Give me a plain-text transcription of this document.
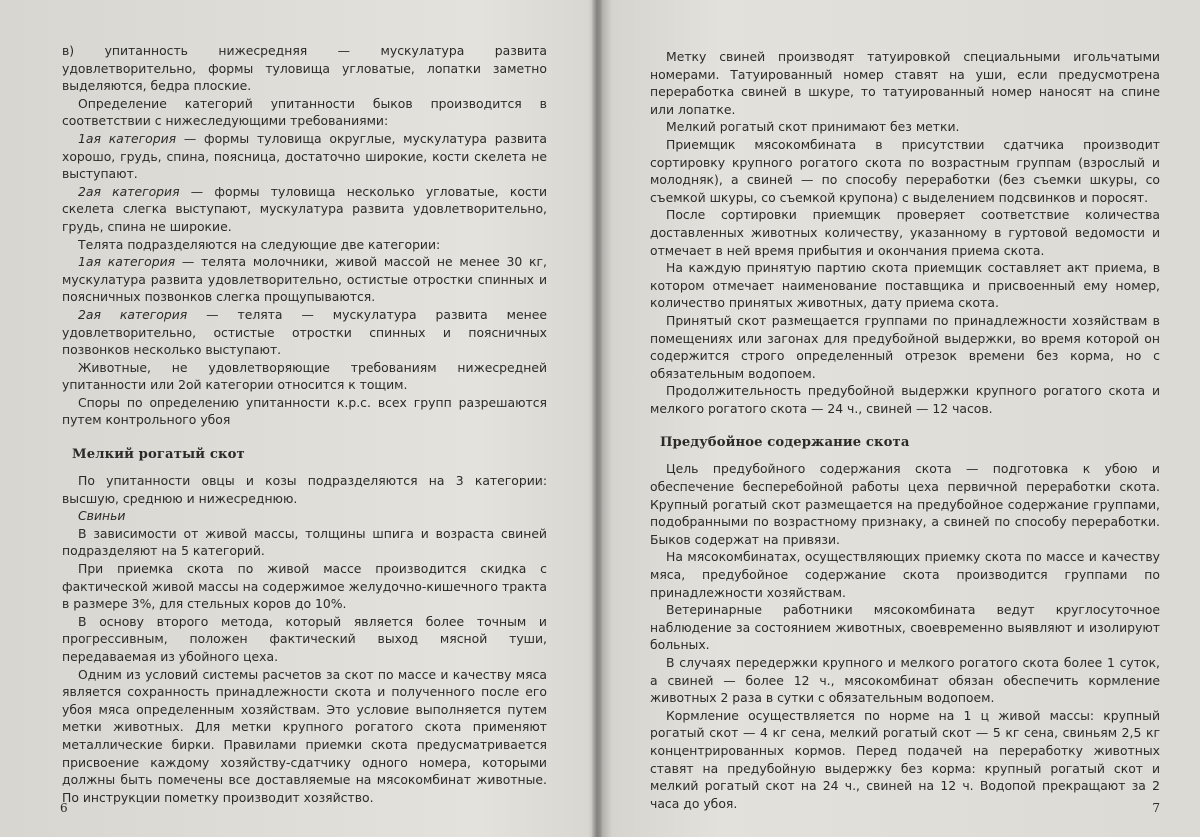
в) упитанность нижесредняя — мускулатура развита удовлетворительно, формы туловища угловатые, лопатки заметно выделяются, бедра плоские.

Определение категорий упитанности быков производится в соответствии с нижеследующими требованиями:

1ая категория — формы туловища округлые, мускулатура развита хорошо, грудь, спина, поясница, достаточно широкие, кости скелета не выступают.

2ая категория — формы туловища несколько угловатые, кости скелета слегка выступают, мускулатура развита удовлетворительно, грудь, спина не широкие.

Телята подразделяются на следующие две категории:

1ая категория — телята молочники, живой массой не менее 30 кг, мускулатура развита удовлетворительно, остистые отростки спинных и поясничных позвонков слегка прощупываются.

2ая категория — телята — мускулатура развита менее удовлетворительно, остистые отростки спинных и поясничных позвонков несколько выступают.

Животные, не удовлетворяющие требованиям нижесредней упитанности или 2ой категории относится к тощим.

Споры по определению упитанности к.р.с. всех групп разрешаются путем контрольного убоя

Мелкий рогатый скот

По упитанности овцы и козы подразделяются на 3 категории: высшую, среднюю и нижесреднюю.

Свиньи

В зависимости от живой массы, толщины шпига и возраста свиней подразделяют на 5 категорий.

При приемка скота по живой массе производится скидка с фактической живой массы на содержимое желудочно-кишечного тракта в размере 3%, для стельных коров до 10%.

В основу второго метода, который является более точным и прогрессивным, положен фактический выход мясной туши, передаваемая из убойного цеха.

Одним из условий системы расчетов за скот по массе и качеству мяса является сохранность принадлежности скота и полученного после его убоя мяса определенным хозяйствам. Это условие выполняется путем метки животных. Для метки крупного рогатого скота применяют металлические бирки. Правилами приемки скота предусматривается присвоение каждому хозяйству-сдатчику одного номера, которыми должны быть помечены все доставляемые на мясокомбинат животные. По инструкции пометку производит хозяйство.

6

Метку свиней производят татуировкой специальными игольчатыми номерами. Татуированный номер ставят на уши, если предусмотрена переработка свиней в шкуре, то татуированный номер наносят на спине или лопатке.

Мелкий рогатый скот принимают без метки.

Приемщик мясокомбината в присутствии сдатчика производит сортировку крупного рогатого скота по возрастным группам (взрослый и молодняк), а свиней — по способу переработки (без съемки шкуры, со съемкой шкуры, со съемкой крупона) с выделением подсвинков и поросят.

После сортировки приемщик проверяет соответствие количества доставленных животных количеству, указанному в гуртовой ведомости и отмечает в ней время прибытия и окончания приема скота.

На каждую принятую партию скота приемщик составляет акт приема, в котором отмечает наименование поставщика и присвоенный ему номер, количество принятых животных, дату приема скота.

Принятый скот размещается группами по принадлежности хозяйствам в помещениях или загонах для предубойной выдержки, во время которой он содержится строго определенный отрезок времени без корма, но с обязательным водопоем.

Продолжительность предубойной выдержки крупного рогатого скота и мелкого рогатого скота — 24 ч., свиней — 12 часов.

Предубойное содержание скота

Цель предубойного содержания скота — подготовка к убою и обеспечение бесперебойной работы цеха первичной переработки скота. Крупный рогатый скот размещается на предубойное содержание группами, подобранными по возрастному признаку, а свиней по способу переработки. Быков содержат на привязи.

На мясокомбинатах, осуществляющих приемку скота по массе и качеству мяса, предубойное содержание скота производится группами по принадлежности хозяйствам.

Ветеринарные работники мясокомбината ведут круглосуточное наблюдение за состоянием животных, своевременно выявляют и изолируют больных.

В случаях передержки крупного и мелкого рогатого скота более 1 суток, а свиней — более 12 ч., мясокомбинат обязан обеспечить кормление животных 2 раза в сутки с обязательным водопоем.

Кормление осуществляется по норме на 1 ц живой массы: крупный рогатый скот — 4 кг сена, мелкий рогатый скот — 5 кг сена, свиньям 2,5 кг концентрированных кормов. Перед подачей на переработку животных ставят на предубойную выдержку без корма: крупный рогатый скот и мелкий рогатый скот на 24 ч., свиней на 12 ч. Водопой прекращают за 2 часа до убоя.	7
